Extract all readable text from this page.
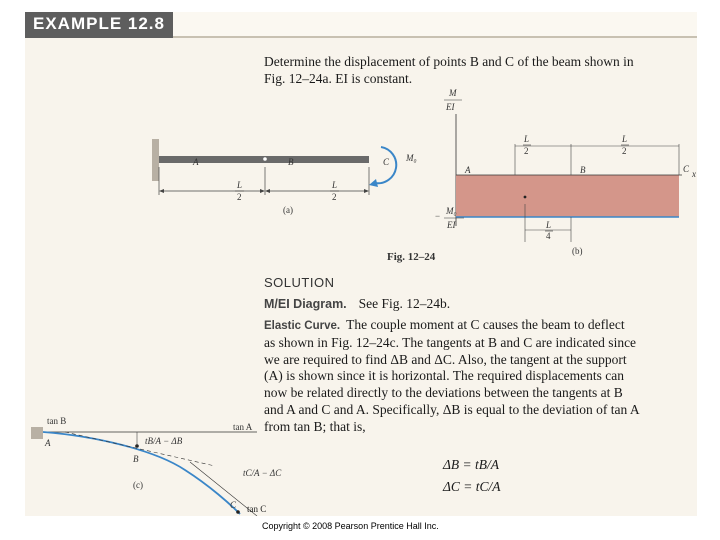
EXAMPLE 12.8
Determine the displacement of points B and C of the beam shown in
Fig. 12–24a. EI is constant.
A	B	C M₀
L
2
L
2
(a)
M
EI
A	B	C x
L
2
L
2
− M₀
EI	L
4
(b)
Fig. 12–24
SOLUTION
M/EI Diagram. See Fig. 12–24b.
Elastic Curve. The couple moment at C causes the beam to deflect
as shown in Fig. 12–24c. The tangents at B and C are indicated since
we are required to find ΔB and ΔC. Also, the tangent at the support
(A) is shown since it is horizontal. The required displacements can
now be related directly to the deviations between the tangents at B
and A and C and A. Specifically, ΔB is equal to the deviation of tan A
from tan B; that is,
tan B
tan A
A
B
tB/A − ΔB
tC/A − ΔC
C
(c)
tan C
ΔB = tB/A
ΔC = tC/A
Copyright © 2008 Pearson Prentice Hall Inc.
